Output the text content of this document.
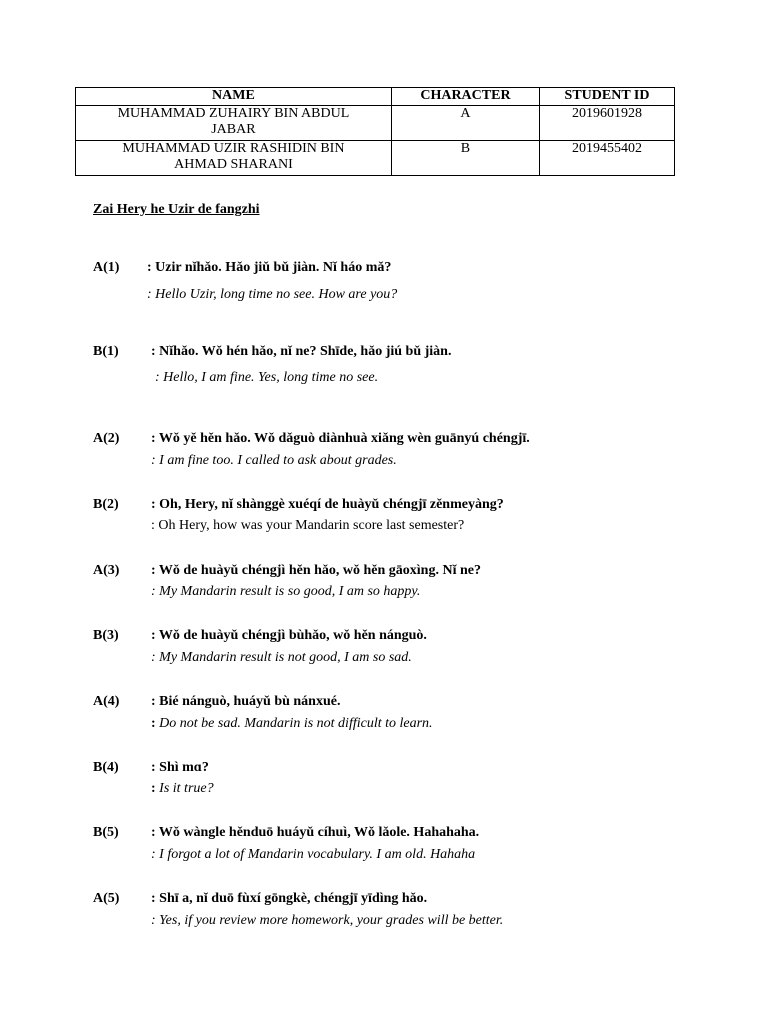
NAME	CHARACTER	STUDENT ID

MUHAMMAD ZUHAIRY BIN ABDUL
JABAR	A	2019601928

MUHAMMAD UZIR RASHIDIN BIN
AHMAD SHARANI	B	2019455402
Zai Hery he Uzir de fangzhi
A(1) : Uzir nǐhǎo. Hǎo jiǔ bǔ jiàn. Nǐ háo mǎ?
: Hello Uzir, long time no see. How are you?
B(1) : Nǐhǎo. Wǒ hén hǎo, nǐ ne? Shīde, hǎo jiú bǔ jiàn.
: Hello, I am fine. Yes, long time no see.
A(2) : Wǒ yě hěn hǎo. Wǒ dǎguò diànhuà xiǎng wèn guānyú chéngjī.
: I am fine too. I called to ask about grades.
B(2) : Oh, Hery, nǐ shànggè xuéqí de huàyǔ chéngjī zěnmeyàng?
: Oh Hery, how was your Mandarin score last semester?
A(3) : Wǒ de huàyǔ chéngjì hěn hǎo, wǒ hěn gāoxìng. Nǐ ne?
: My Mandarin result is so good, I am so happy.
B(3) : Wǒ de huàyǔ chéngjì bùhǎo, wǒ hěn nánguò.
: My Mandarin result is not good, I am so sad.
A(4) : Bié nánguò, huáyǔ bù nánxué.
: Do not be sad. Mandarin is not difficult to learn.
B(4) : Shì mɑ?
: Is it true?
B(5) : Wǒ wàngle hěnduō huáyǔ cíhuì, Wǒ lǎole. Hahahaha.
: I forgot a lot of Mandarin vocabulary. I am old. Hahaha
A(5) : Shī a, nǐ duō fùxí gōngkè, chéngjī yīdìng hǎo.
: Yes, if you review more homework, your grades will be better.
